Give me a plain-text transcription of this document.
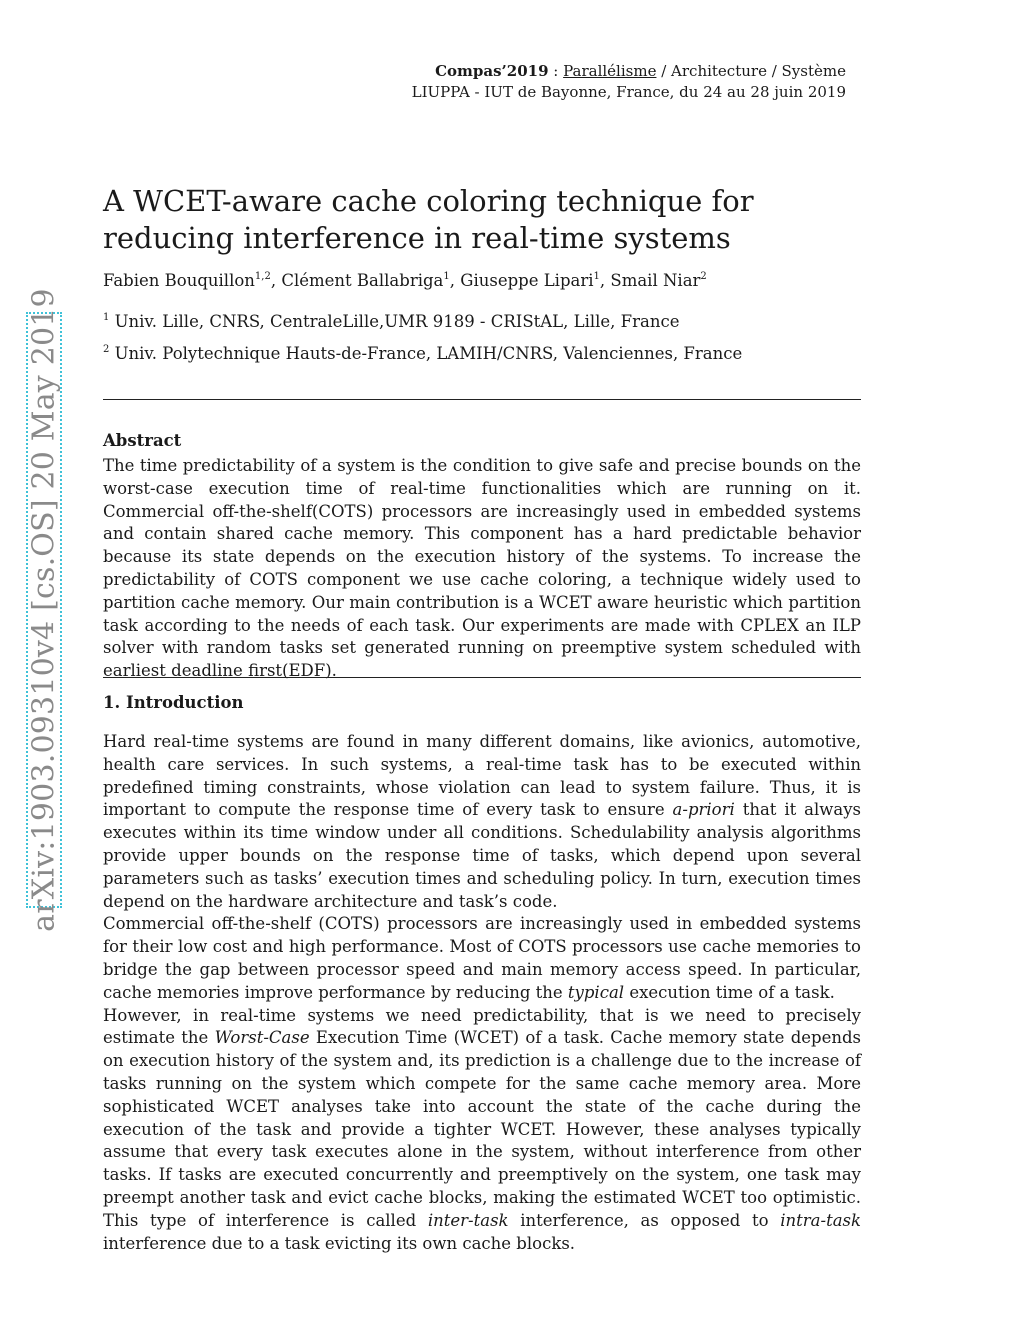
Compas’2019 : Parallélisme / Architecture / Système
LIUPPA - IUT de Bayonne, France, du 24 au 28 juin 2019
arXiv:1903.09310v4 [cs.OS] 20 May 2019
A WCET-aware cache coloring technique for reducing interference in real-time systems
Fabien Bouquillon$^{1,2}$, Clément Ballabriga$^1$, Giuseppe Lipari$^1$, Smail Niar$^2$
$^1$ Univ. Lille, CNRS, CentraleLille,UMR 9189 - CRIStAL, Lille, France
$^2$ Univ. Polytechnique Hauts-de-France, LAMIH/CNRS, Valenciennes, France
Abstract

The time predictability of a system is the condition to give safe and precise bounds on the worst-case execution time of real-time functionalities which are running on it. Commercial off-the-shelf(COTS) processors are increasingly used in embedded systems and contain shared cache memory. This component has a hard predictable behavior because its state depends on the execution history of the systems. To increase the predictability of COTS component we use cache coloring, a technique widely used to partition cache memory. Our main contribution is a WCET aware heuristic which partition task according to the needs of each task. Our experiments are made with CPLEX an ILP solver with random tasks set generated running on preemptive system scheduled with earliest deadline first(EDF).

1. Introduction

Hard real-time systems are found in many different domains, like avionics, automotive, health care services. In such systems, a real-time task has to be executed within predefined timing constraints, whose violation can lead to system failure. Thus, it is important to compute the response time of every task to ensure a-priori that it always executes within its time window under all conditions. Schedulability analysis algorithms provide upper bounds on the response time of tasks, which depend upon several parameters such as tasks’ execution times and scheduling policy. In turn, execution times depend on the hardware architecture and task’s code.

Commercial off-the-shelf (COTS) processors are increasingly used in embedded systems for their low cost and high performance. Most of COTS processors use cache memories to bridge the gap between processor speed and main memory access speed. In particular, cache memories improve performance by reducing the typical execution time of a task.

However, in real-time systems we need predictability, that is we need to precisely estimate the Worst-Case Execution Time (WCET) of a task. Cache memory state depends on execution history of the system and, its prediction is a challenge due to the increase of tasks running on the system which compete for the same cache memory area. More sophisticated WCET analyses take into account the state of the cache during the execution of the task and provide a tighter WCET. However, these analyses typically assume that every task executes alone in the system, without interference from other tasks. If tasks are executed concurrently and preemptively on the system, one task may preempt another task and evict cache blocks, making the estimated WCET too optimistic. This type of interference is called inter-task interference, as opposed to intra-task interference due to a task evicting its own cache blocks.
